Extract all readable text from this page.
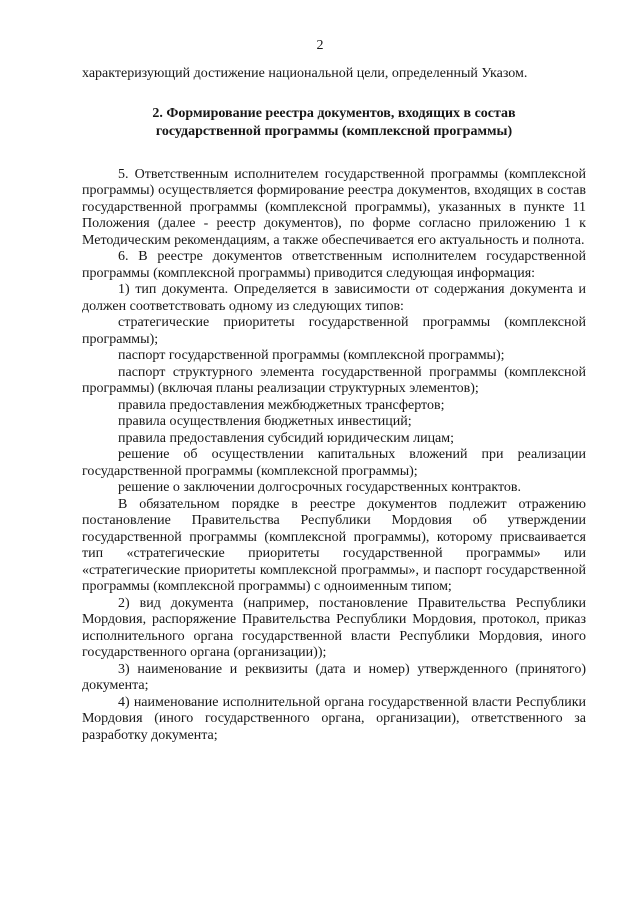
2

характеризующий достижение национальной цели, определенный Указом.

2. Формирование реестра документов, входящих в состав
государственной программы (комплексной программы)

5. Ответственным исполнителем государственной программы (комплексной программы) осуществляется формирование реестра документов, входящих в состав государственной программы (комплексной программы), указанных в пункте 11 Положения (далее - реестр документов), по форме согласно приложению 1 к Методическим рекомендациям, а также обеспечивается его актуальность и полнота.

6. В реестре документов ответственным исполнителем государственной программы (комплексной программы) приводится следующая информация:

1) тип документа. Определяется в зависимости от содержания документа и должен соответствовать одному из следующих типов:

стратегические приоритеты государственной программы (комплексной программы);

паспорт государственной программы (комплексной программы);

паспорт структурного элемента государственной программы (комплексной программы) (включая планы реализации структурных элементов);

правила предоставления межбюджетных трансфертов;

правила осуществления бюджетных инвестиций;

правила предоставления субсидий юридическим лицам;

решение об осуществлении капитальных вложений при реализации государственной программы (комплексной программы);

решение о заключении долгосрочных государственных контрактов.

В обязательном порядке в реестре документов подлежит отражению постановление Правительства Республики Мордовия об утверждении государственной программы (комплексной программы), которому присваивается тип «стратегические приоритеты государственной программы» или «стратегические приоритеты комплексной программы», и паспорт государственной программы (комплексной программы) с одноименным типом;

2) вид документа (например, постановление Правительства Республики Мордовия, распоряжение Правительства Республики Мордовия, протокол, приказ исполнительного органа государственной власти Республики Мордовия, иного государственного органа (организации));

3) наименование и реквизиты (дата и номер) утвержденного (принятого) документа;

4) наименование исполнительной органа государственной власти Республики Мордовия (иного государственного органа, организации), ответственного за разработку документа;
